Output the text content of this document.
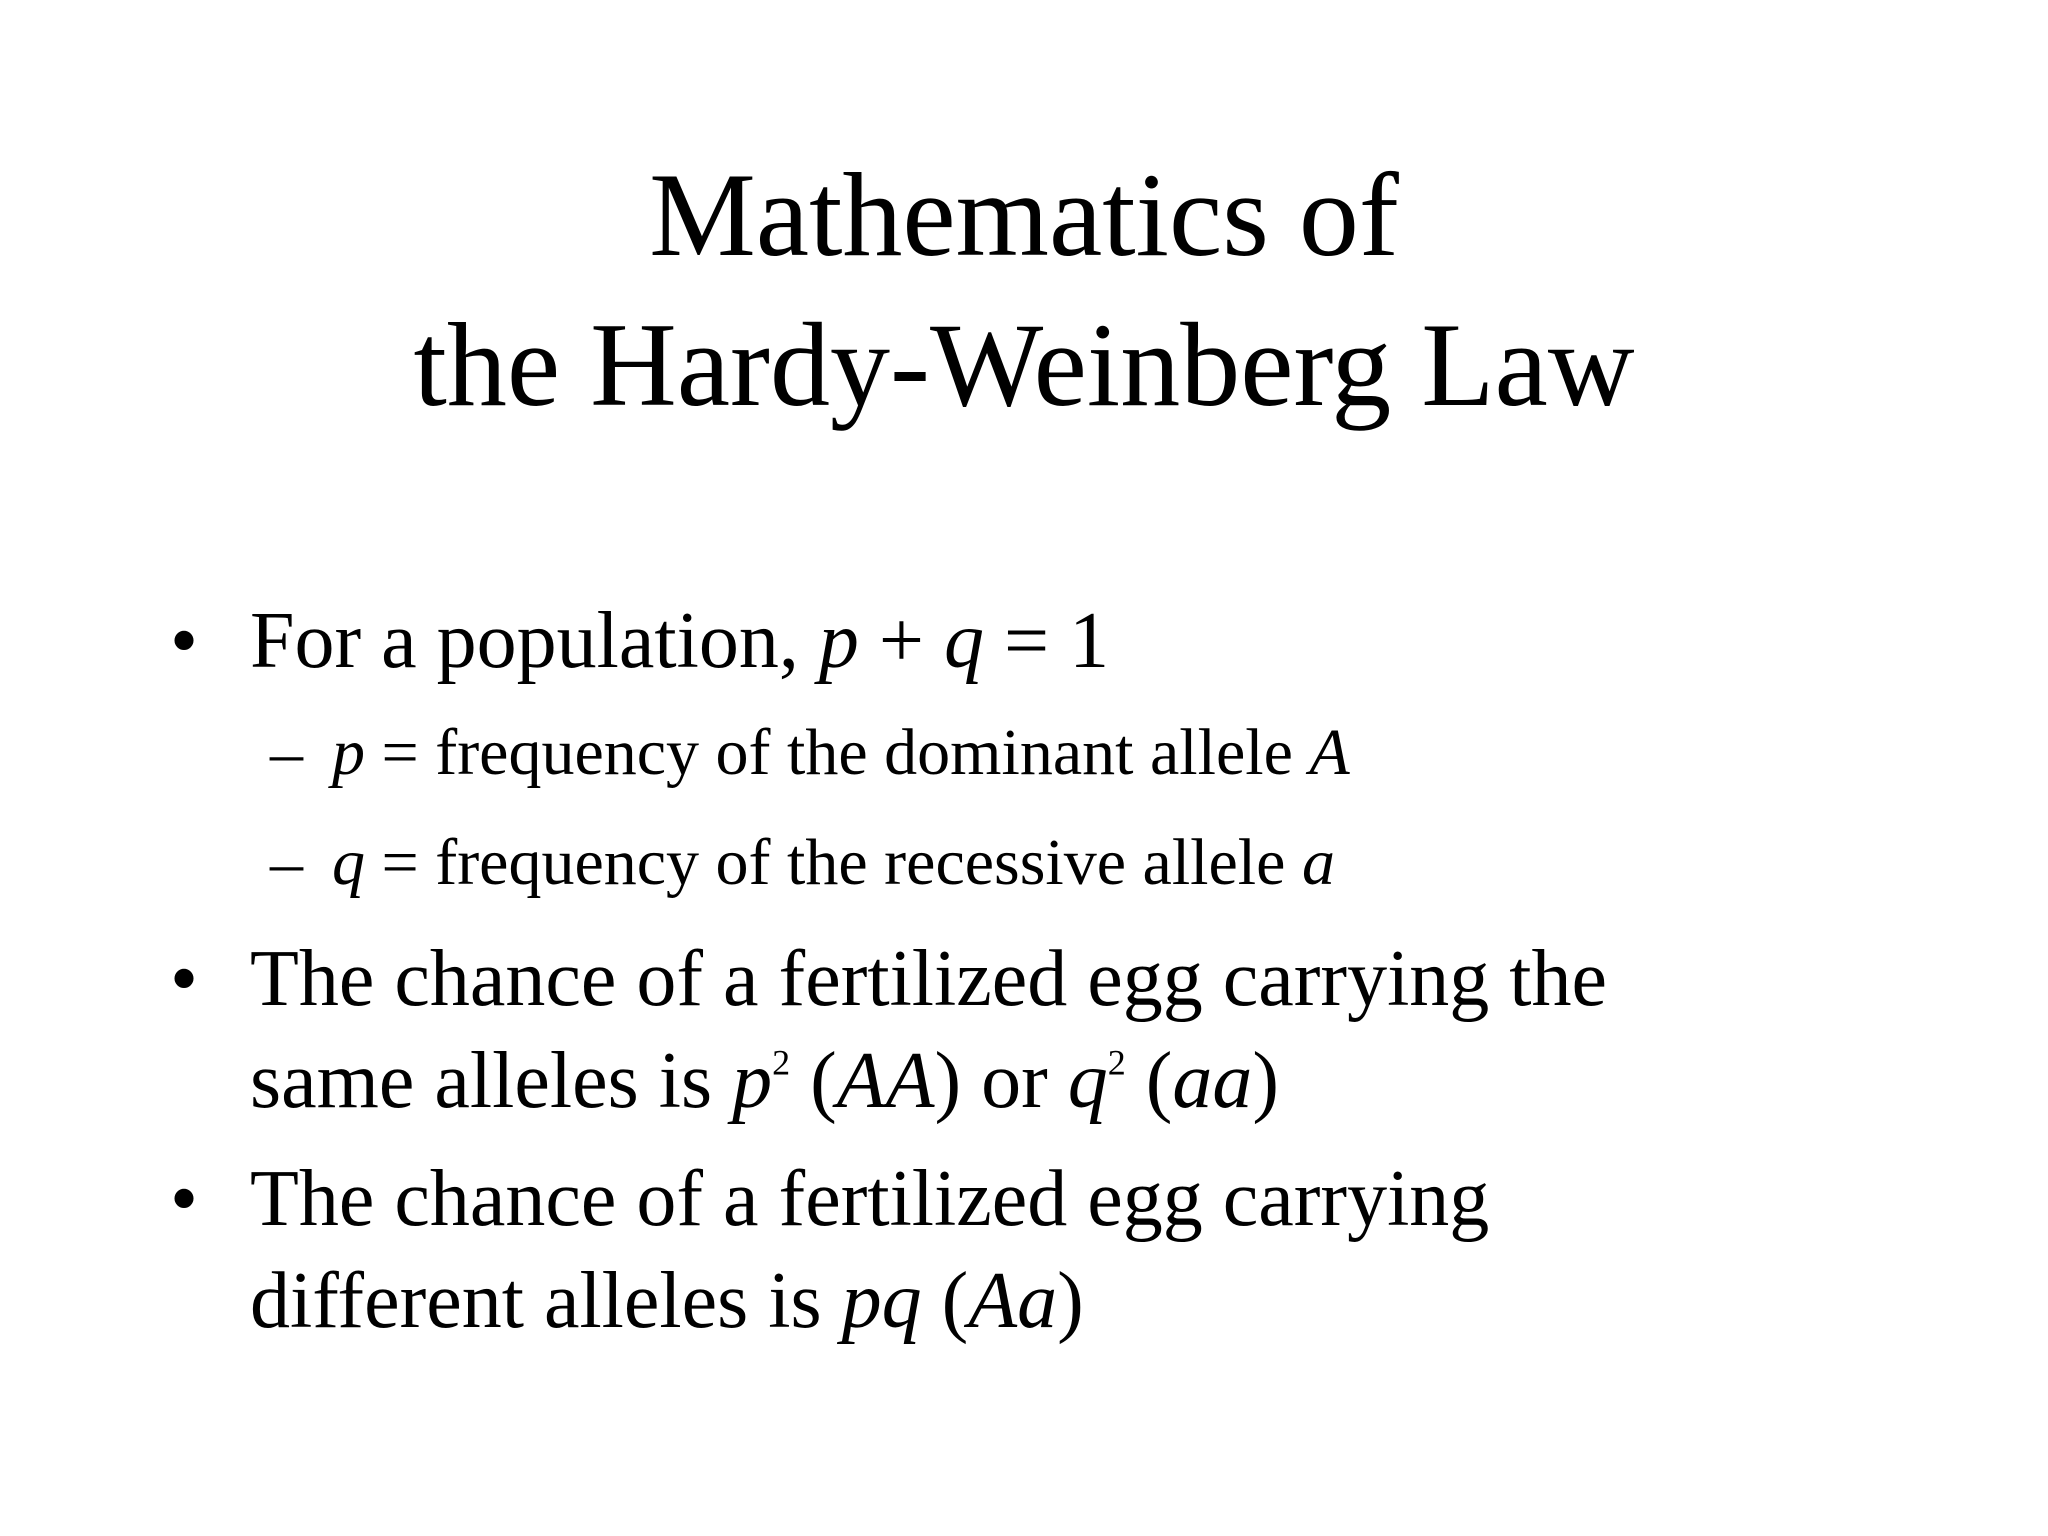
Mathematics of
the Hardy-Weinberg Law
• For a population, p + q = 1
– p = frequency of the dominant allele A
– q = frequency of the recessive allele a
• The chance of a fertilized egg carrying the
same alleles is $p^2$ (AA) or $q^2$ (aa)
• The chance of a fertilized egg carrying
different alleles is pq (Aa)
